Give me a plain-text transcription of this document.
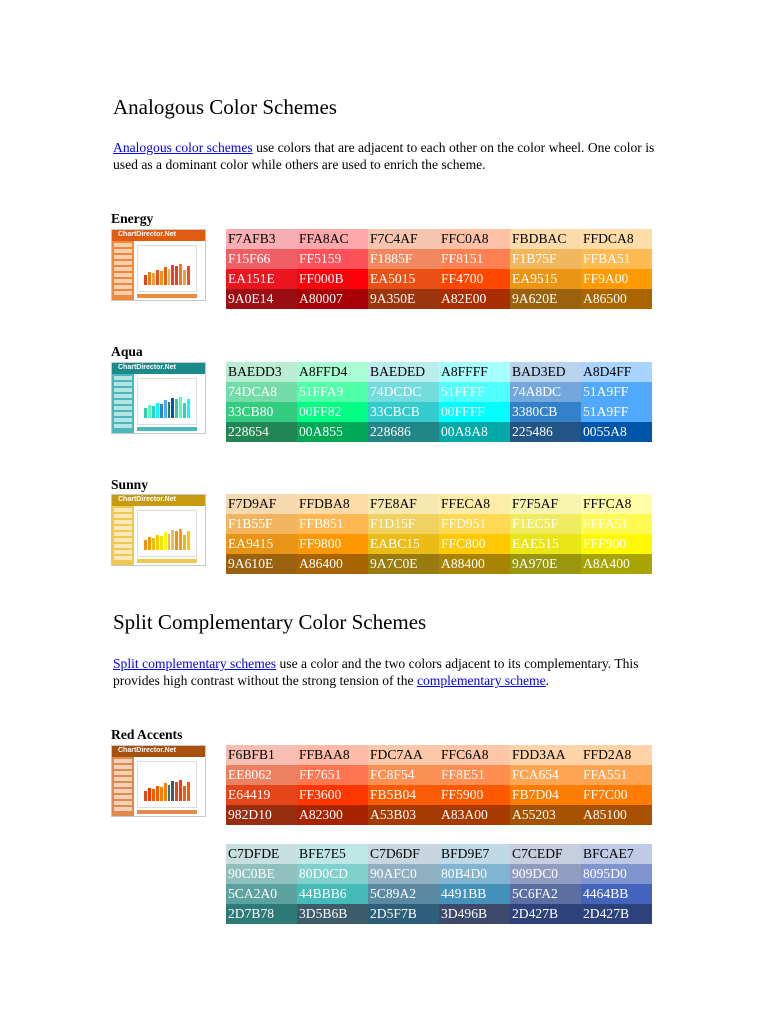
Analogous Color Schemes
Analogous color schemes use colors that are adjacent to each other on the color wheel. One color is used as a dominant color while others are used to enrich the scheme.
Energy
ChartDirector.Net	F7AFB3	FFA8AC	F7C4AF	FFC0A8	FBDBAC	FFDCA8
F15F66	FF5159	F1885F	FF8151	F1B75F	FFBA51
EA151E	FF000B	EA5015	FF4700	EA9515	FF9A00
9A0E14	A80007	9A350E	A82E00	9A620E	A86500
Aqua
ChartDirector.Net	BAEDD3	A8FFD4	BAEDED	A8FFFF	BAD3ED	A8D4FF
74DCA8	51FFA9	74DCDC	51FFFF	74A8DC	51A9FF
33CB80	00FF82	33CBCB	00FFFF	3380CB	51A9FF
228654	00A855	228686	00A8A8	225486	0055A8
Sunny
ChartDirector.Net	F7D9AF	FFDBA8	F7E8AF	FFECA8	F7F5AF	FFFCA8
F1B55F	FFB851	F1D15F	FFD951	F1EC5F	FFFA51
EA9415	FF9800	EABC15	FFC800	EAE515	FFF900
9A610E	A86400	9A7C0E	A88400	9A970E	A8A400
Split Complementary Color Schemes
Split complementary schemes use a color and the two colors adjacent to its complementary. This provides high contrast without the strong tension of the complementary scheme.
Red Accents
ChartDirector.Net	F6BFB1	FFBAA8	FDC7AA	FFC6A8	FDD3AA	FFD2A8
EE8062	FF7651	FC8F54	FF8E51	FCA654	FFA551
E64419	FF3600	FB5B04	FF5900	FB7D04	FF7C00
982D10	A82300	A53B03	A83A00	A55203	A85100
C7DFDE	BFE7E5	C7D6DF	BFD9E7	C7CEDF	BFCAE7
90C0BE	80D0CD	90AFC0	80B4D0	909DC0	8095D0
5CA2A0	44BBB6	5C89A2	4491BB	5C6FA2	4464BB
2D7B78	3D5B6B	2D5F7B	3D496B	2D427B	2D427B
